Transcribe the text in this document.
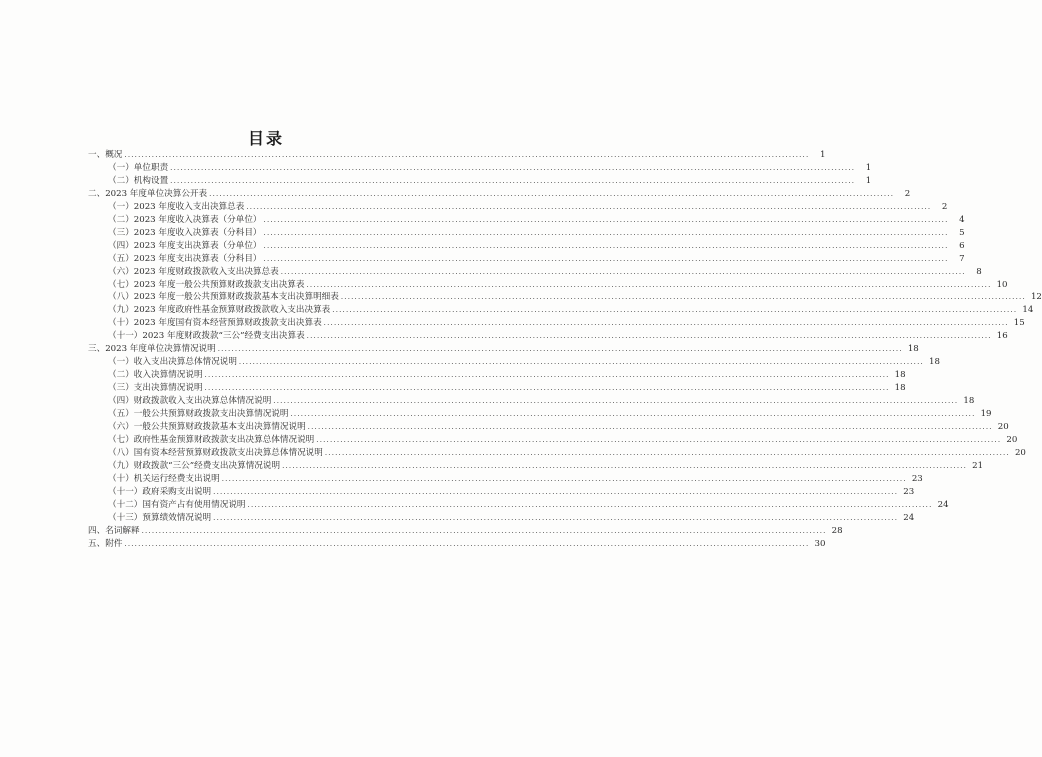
目录
一、概况 ........................................................................................................................................................................................................	1
（一）单位职责 ........................................................................................................................................................................................................	1
（二）机构设置 ........................................................................................................................................................................................................	1
二、2023 年度单位决算公开表 ........................................................................................................................................................................................................	2
（一）2023 年度收入支出决算总表 ........................................................................................................................................................................................................	2
（二）2023 年度收入决算表（分单位） ........................................................................................................................................................................................................	4
（三）2023 年度收入决算表（分科目） ........................................................................................................................................................................................................	5
（四）2023 年度支出决算表（分单位） ........................................................................................................................................................................................................	6
（五）2023 年度支出决算表（分科目） ........................................................................................................................................................................................................	7
（六）2023 年度财政拨款收入支出决算总表 ........................................................................................................................................................................................................	8
（七）2023 年度一般公共预算财政拨款支出决算表 ........................................................................................................................................................................................................ 10
（八）2023 年度一般公共预算财政拨款基本支出决算明细表 ........................................................................................................................................................................................................ 12
（九）2023 年度政府性基金预算财政拨款收入支出决算表 ........................................................................................................................................................................................................ 14
（十）2023 年度国有资本经营预算财政拨款支出决算表 ........................................................................................................................................................................................................ 15
（十一）2023 年度财政拨款“三公”经费支出决算表 ........................................................................................................................................................................................................ 16
三、2023 年度单位决算情况说明 ........................................................................................................................................................................................................ 18
（一）收入支出决算总体情况说明 ........................................................................................................................................................................................................ 18
（二）收入决算情况说明 ........................................................................................................................................................................................................ 18
（三）支出决算情况说明 ........................................................................................................................................................................................................ 18
（四）财政拨款收入支出决算总体情况说明 ........................................................................................................................................................................................................ 18
（五）一般公共预算财政拨款支出决算情况说明 ........................................................................................................................................................................................................ 19
（六）一般公共预算财政拨款基本支出决算情况说明 ........................................................................................................................................................................................................ 20
（七）政府性基金预算财政拨款支出决算总体情况说明 ........................................................................................................................................................................................................ 20
（八）国有资本经营预算财政拨款支出决算总体情况说明 ........................................................................................................................................................................................................ 20
（九）财政拨款“三公”经费支出决算情况说明 ........................................................................................................................................................................................................ 21
（十）机关运行经费支出说明 ........................................................................................................................................................................................................ 23
（十一）政府采购支出说明 ........................................................................................................................................................................................................ 23
（十二）国有资产占有使用情况说明 ........................................................................................................................................................................................................ 24
（十三）预算绩效情况说明 ........................................................................................................................................................................................................ 24
四、名词解释 ........................................................................................................................................................................................................ 28
五、附件 ........................................................................................................................................................................................................ 30
